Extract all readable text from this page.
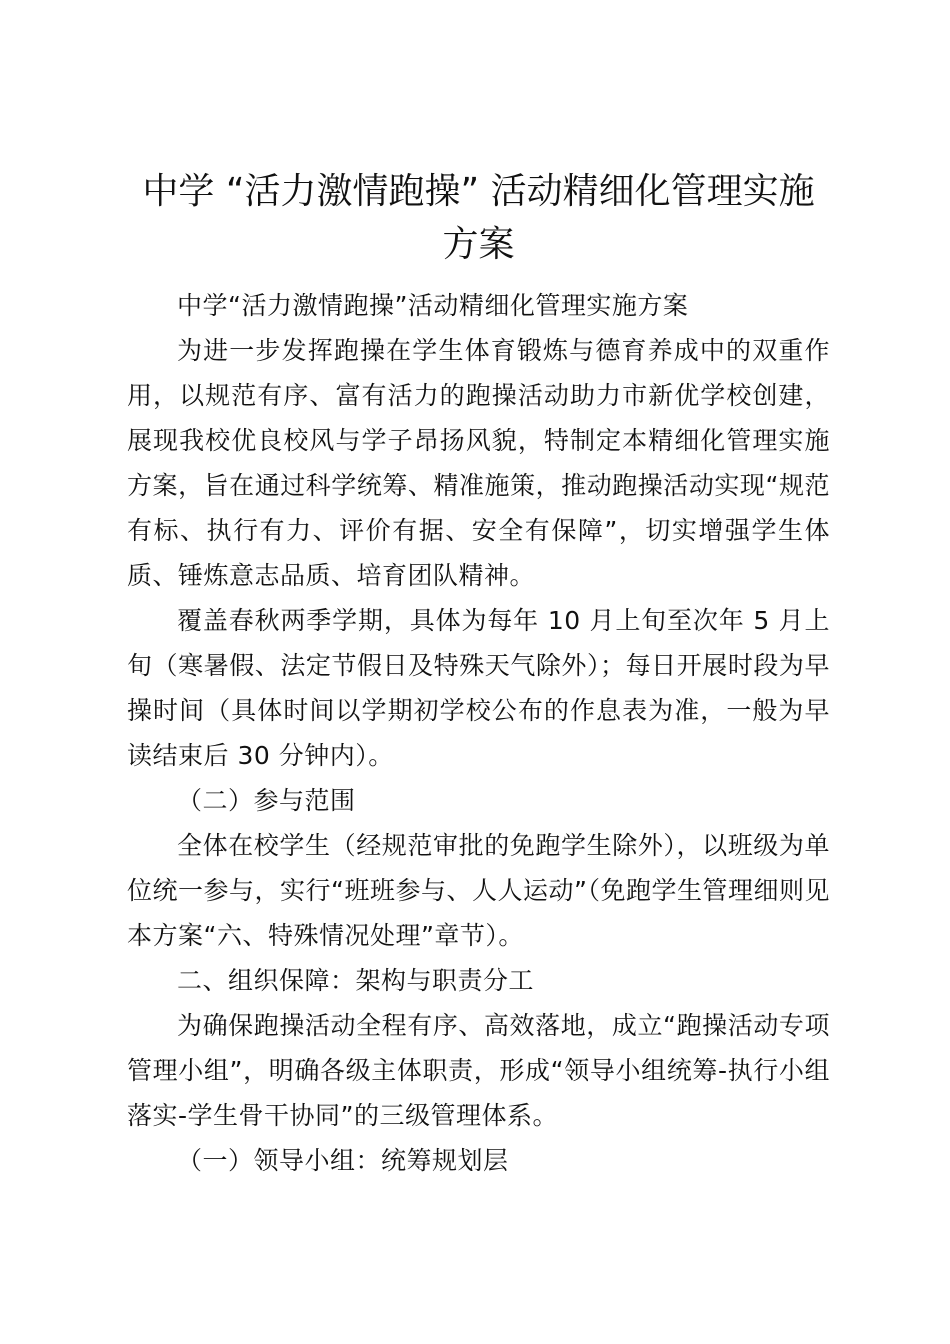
中学 “活力激情跑操” 活动精细化管理实施方案

中学“活力激情跑操”活动精细化管理实施方案

为进一步发挥跑操在学生体育锻炼与德育养成中的双重作用，以规范有序、富有活力的跑操活动助力市新优学校创建，展现我校优良校风与学子昂扬风貌，特制定本精细化管理实施方案，旨在通过科学统筹、精准施策，推动跑操活动实现“规范有标、执行有力、评价有据、安全有保障”，切实增强学生体质、锤炼意志品质、培育团队精神。

覆盖春秋两季学期，具体为每年 10 月上旬至次年 5 月上旬（寒暑假、法定节假日及特殊天气除外）；每日开展时段为早操时间（具体时间以学期初学校公布的作息表为准，一般为早读结束后 30 分钟内）。

（二）参与范围

全体在校学生（经规范审批的免跑学生除外），以班级为单位统一参与，实行“班班参与、人人运动”（免跑学生管理细则见本方案“六、特殊情况处理”章节）。

二、组织保障：架构与职责分工

为确保跑操活动全程有序、高效落地，成立“跑操活动专项管理小组”，明确各级主体职责，形成“领导小组统筹-执行小组落实-学生骨干协同”的三级管理体系。

（一）领导小组：统筹规划层
